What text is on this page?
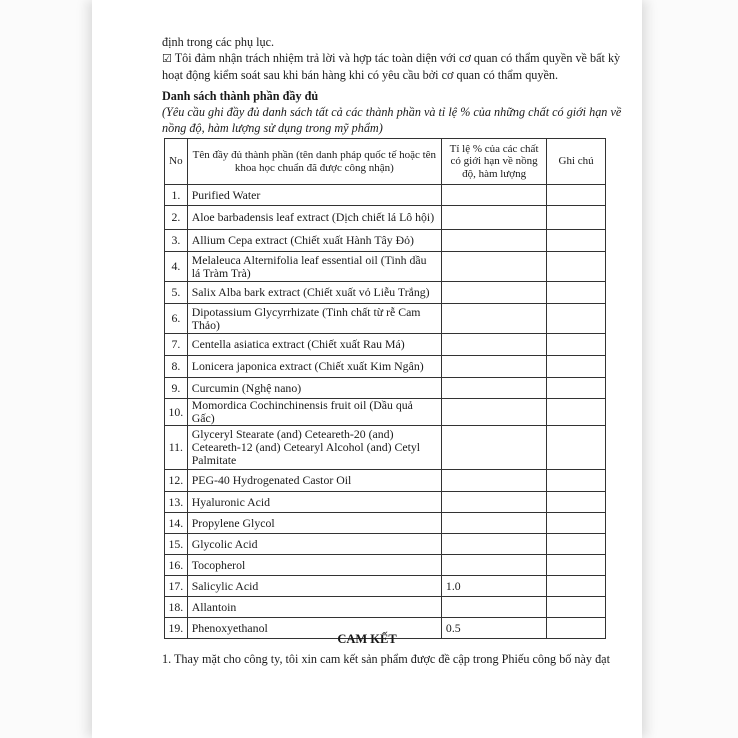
định trong các phụ lục.

☑ Tôi đảm nhận trách nhiệm trả lời và hợp tác toàn diện với cơ quan có thẩm quyền về bất kỳ hoạt động kiểm soát sau khi bán hàng khi có yêu cầu bởi cơ quan có thẩm quyền.

Danh sách thành phần đầy đủ

(Yêu cầu ghi đầy đủ danh sách tất cả các thành phần và tỉ lệ % của những chất có giới hạn về nồng độ, hàm lượng sử dụng trong mỹ phẩm)

No	Tên đầy đủ thành phần (tên danh pháp quốc tế hoặc tên khoa học chuẩn đã được công nhận)	Tỉ lệ % của các chất có giới hạn về nồng độ, hàm lượng	Ghi chú
1.	Purified Water		
2.	Aloe barbadensis leaf extract (Dịch chiết lá Lô hội)		
3.	Allium Cepa extract (Chiết xuất Hành Tây Đỏ)		
4.	Melaleuca Alternifolia leaf essential oil (Tinh dầu lá Tràm Trà)		
5.	Salix Alba bark extract (Chiết xuất vỏ Liễu Trắng)		
6.	Dipotassium Glycyrrhizate (Tinh chất từ rễ Cam Thảo)		
7.	Centella asiatica extract (Chiết xuất Rau Má)		
8.	Lonicera japonica extract (Chiết xuất Kim Ngân)		
9.	Curcumin (Nghệ nano)		
10.	Momordica Cochinchinensis fruit oil (Dầu quả Gấc)		
11.	Glyceryl Stearate (and) Ceteareth-20 (and) Ceteareth-12 (and) Cetearyl Alcohol (and) Cetyl Palmitate		
12.	PEG-40 Hydrogenated Castor Oil		
13.	Hyaluronic Acid		
14.	Propylene Glycol		
15.	Glycolic Acid		
16.	Tocopherol		
17.	Salicylic Acid	1.0	
18.	Allantoin		
19.	Phenoxyethanol	0.5	
CAM KẾT
1. Thay mặt cho công ty, tôi xin cam kết sản phẩm được đề cập trong Phiếu công bố này đạt
